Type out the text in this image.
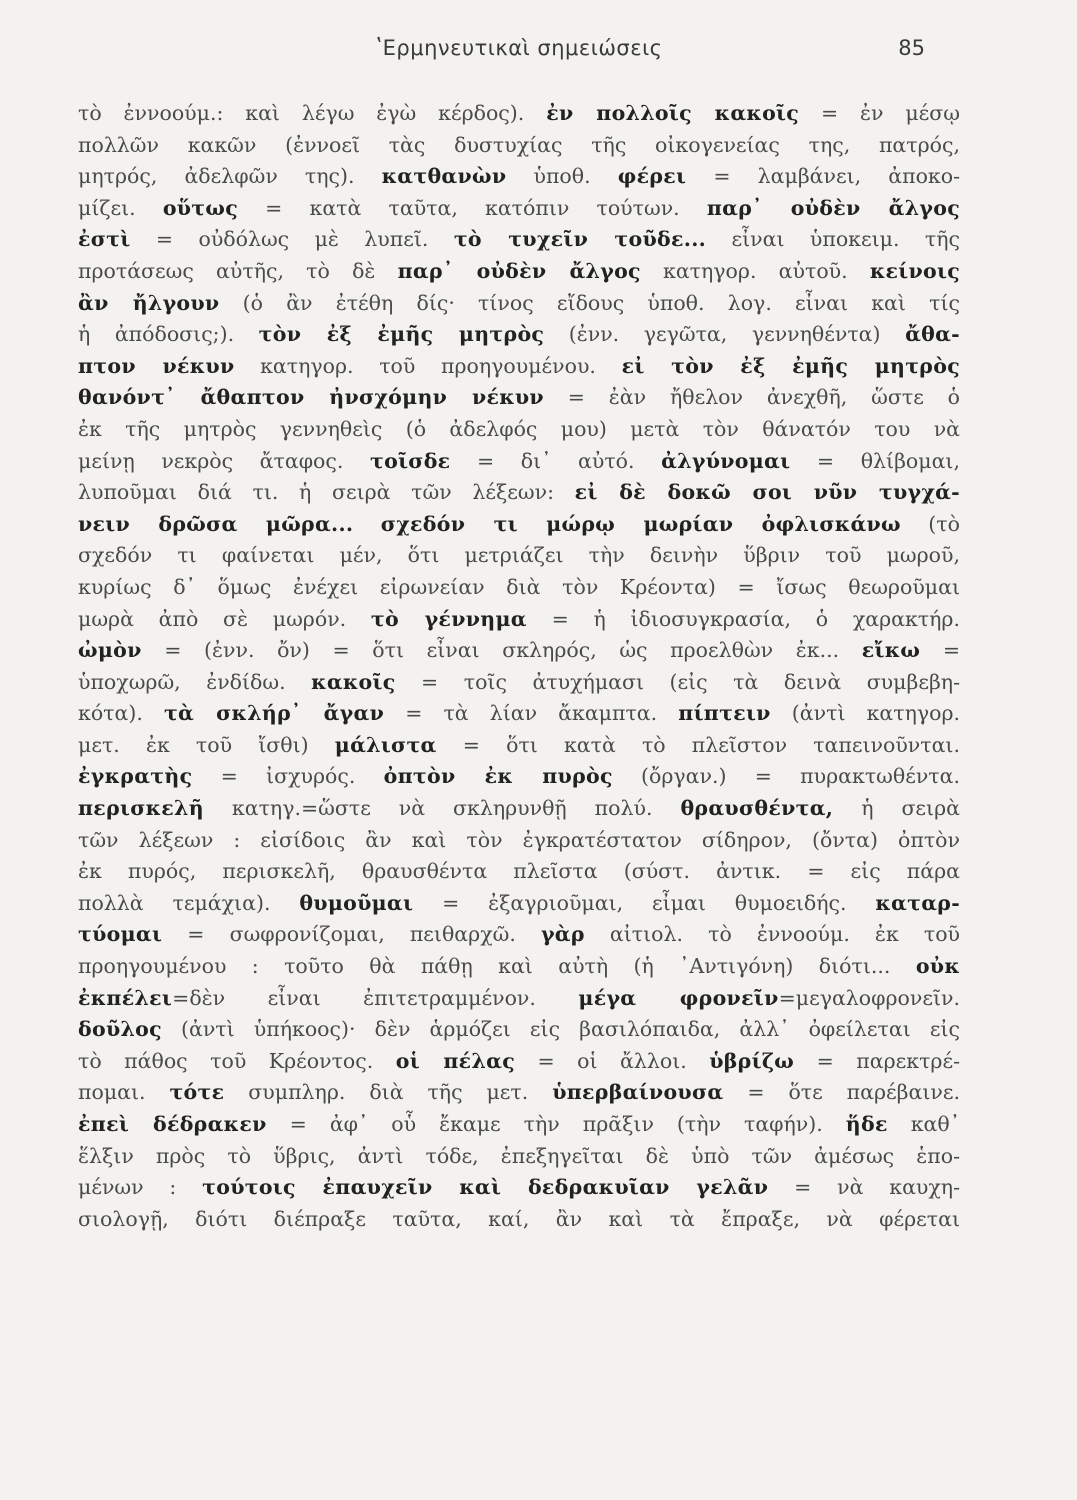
ʽΕρμηνευτικαὶ σημειώσεις	85
τὸ ἐννοούμ.: καὶ λέγω ἐγὼ κέρδος). ἐν πολλοῖς κακοῖς = ἐν μέσῳ
πολλῶν κακῶν (ἐννοεῖ τὰς δυστυχίας τῆς οἰκογενείας της, πατρός,
μητρός, ἀδελφῶν της). κατθανὼν ὑποθ. φέρει = λαμβάνει, ἀποκο-
μίζει. οὕτως = κατὰ ταῦτα, κατόπιν τούτων. παρ᾽ οὐδὲν ἄλγος
ἐστὶ = οὐδόλως μὲ λυπεῖ. τὸ τυχεῖν τοῦδε... εἶναι ὑποκειμ. τῆς
προτάσεως αὐτῆς, τὸ δὲ παρ᾽ οὐδὲν ἄλγος κατηγορ. αὐτοῦ. κείνοις
ἂν ἤλγουν (ὁ ἂν ἐτέθη δίς· τίνος εἴδους ὑποθ. λογ. εἶναι καὶ τίς
ἡ ἀπόδοσις;). τὸν ἐξ ἐμῆς μητρὸς (ἐνν. γεγῶτα, γεννηθέντα) ἄθα-
πτον νέκυν κατηγορ. τοῦ προηγουμένου. εἰ τὸν ἐξ ἐμῆς μητρὸς
θανόντ᾽ ἄθαπτον ἠνσχόμην νέκυν = ἐὰν ἤθελον ἀνεχθῆ, ὥστε ὁ
ἐκ τῆς μητρὸς γεννηθεὶς (ὁ ἀδελφός μου) μετὰ τὸν θάνατόν του νὰ
μείνῃ νεκρὸς ἄταφος. τοῖσδε = δι᾽ αὐτό. ἀλγύνομαι = θλίβομαι,
λυποῦμαι διά τι. ἡ σειρὰ τῶν λέξεων: εἰ δὲ δοκῶ σοι νῦν τυγχά-
νειν δρῶσα μῶρα... σχεδόν τι μώρῳ μωρίαν ὀφλισκάνω (τὸ
σχεδόν τι φαίνεται μέν, ὅτι μετριάζει τὴν δεινὴν ὕβριν τοῦ μωροῦ,
κυρίως δ᾽ ὅμως ἐνέχει εἰρωνείαν διὰ τὸν Κρέοντα) = ἴσως θεωροῦμαι
μωρὰ ἀπὸ σὲ μωρόν. τὸ γέννημα = ἡ ἰδιοσυγκρασία, ὁ χαρακτήρ.
ὠμὸν = (ἐνν. ὄν) = ὅτι εἶναι σκληρός, ὡς προελθὼν ἐκ... εἴκω =
ὑποχωρῶ, ἐνδίδω. κακοῖς = τοῖς ἀτυχήμασι (εἰς τὰ δεινὰ συμβεβη-
κότα). τὰ σκλήρ᾽ ἄγαν = τὰ λίαν ἄκαμπτα. πίπτειν (ἀντὶ κατηγορ.
μετ. ἐκ τοῦ ἴσθι) μάλιστα = ὅτι κατὰ τὸ πλεῖστον ταπεινοῦνται.
ἐγκρατὴς = ἰσχυρός. ὀπτὸν ἐκ πυρὸς (ὄργαν.) = πυρακτωθέντα.
περισκελῆ κατηγ.=ὥστε νὰ σκληρυνθῇ πολύ. θραυσθέντα, ἡ σειρὰ
τῶν λέξεων : εἰσίδοις ἂν καὶ τὸν ἐγκρατέστατον σίδηρον, (ὄντα) ὀπτὸν
ἐκ πυρός, περισκελῆ, θραυσθέντα πλεῖστα (σύστ. ἀντικ. = εἰς πάρα
πολλὰ τεμάχια). θυμοῦμαι = ἐξαγριοῦμαι, εἶμαι θυμοειδής. καταρ-
τύομαι = σωφρονίζομαι, πειθαρχῶ. γὰρ αἰτιολ. τὸ ἐννοούμ. ἐκ τοῦ
προηγουμένου : τοῦτο θὰ πάθῃ καὶ αὐτὴ (ἡ ᾽Αντιγόνη) διότι... οὐκ
ἐκπέλει=δὲν εἶναι ἐπιτετραμμένον. μέγα φρονεῖν=μεγαλοφρονεῖν.
δοῦλος (ἀντὶ ὑπήκοος)· δὲν ἁρμόζει εἰς βασιλόπαιδα, ἀλλ᾽ ὀφείλεται εἰς
τὸ πάθος τοῦ Κρέοντος. οἱ πέλας = οἱ ἄλλοι. ὑβρίζω = παρεκτρέ-
πομαι. τότε συμπληρ. διὰ τῆς μετ. ὑπερβαίνουσα = ὅτε παρέβαινε.
ἐπεὶ δέδρακεν = ἀφ᾽ οὗ ἔκαμε τὴν πρᾶξιν (τὴν ταφήν). ἥδε καθ᾽
ἕλξιν πρὸς τὸ ὕβρις, ἀντὶ τόδε, ἐπεξηγεῖται δὲ ὑπὸ τῶν ἀμέσως ἑπο-
μένων : τούτοις ἐπαυχεῖν καὶ δεδρακυῖαν γελᾶν = νὰ καυχη-
σιολογῇ, διότι διέπραξε ταῦτα, καί, ἂν καὶ τὰ ἔπραξε, νὰ φέρεται
